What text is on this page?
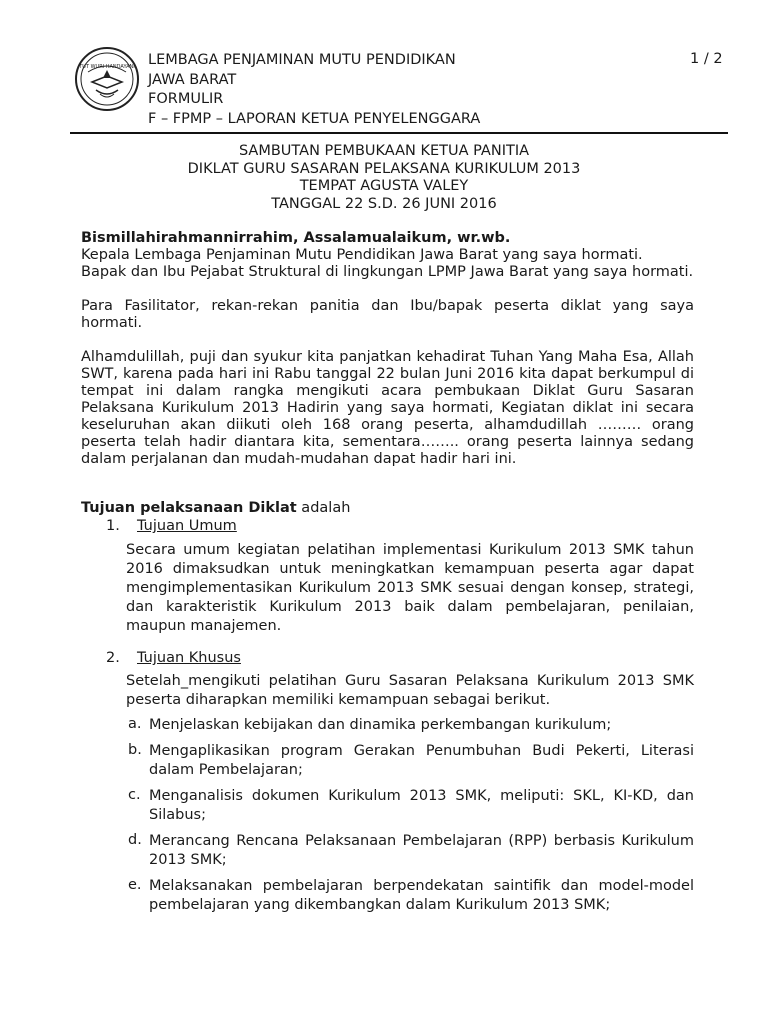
TUT WURI HANDAYANI LEMBAGA PENJAMINAN MUTU PENDIDIKAN
JAWA BARAT
FORMULIR
F – FPMP – LAPORAN KETUA PENYELENGGARA
1 / 2
SAMBUTAN PEMBUKAAN KETUA PANITIA
DIKLAT GURU SASARAN PELAKSANA KURIKULUM 2013
TEMPAT AGUSTA VALEY
TANGGAL 22 S.D. 26 JUNI 2016
Bismillahirahmannirrahim, Assalamualaikum, wr.wb.
Kepala Lembaga Penjaminan Mutu Pendidikan Jawa Barat yang saya hormati.
Bapak dan Ibu Pejabat Struktural di lingkungan LPMP Jawa Barat yang saya hormati.
Para Fasilitator, rekan-rekan panitia dan Ibu/bapak peserta diklat yang saya hormati.
Alhamdulillah, puji dan syukur kita panjatkan kehadirat Tuhan Yang Maha Esa, Allah SWT, karena pada hari ini Rabu tanggal 22 bulan Juni 2016 kita dapat berkumpul di tempat ini dalam rangka mengikuti acara pembukaan Diklat Guru Sasaran Pelaksana Kurikulum 2013 Hadirin yang saya hormati, Kegiatan diklat ini secara keseluruhan akan diikuti oleh 168 orang peserta, alhamdudillah ……… orang peserta telah hadir diantara kita, sementara…….. orang peserta lainnya sedang dalam perjalanan dan mudah-mudahan dapat hadir hari ini.
Tujuan pelaksanaan Diklat adalah
1. Tujuan Umum
Secara umum kegiatan pelatihan implementasi Kurikulum 2013 SMK tahun 2016 dimaksudkan untuk meningkatkan kemampuan peserta agar dapat mengimplementasikan Kurikulum 2013 SMK sesuai dengan konsep, strategi, dan karakteristik Kurikulum 2013 baik dalam pembelajaran, penilaian, maupun manajemen.
2. Tujuan Khusus
Setelah_mengikuti pelatihan Guru Sasaran Pelaksana Kurikulum 2013 SMK peserta diharapkan memiliki kemampuan sebagai berikut.
a. Menjelaskan kebijakan dan dinamika perkembangan kurikulum;
b. Mengaplikasikan program Gerakan Penumbuhan Budi Pekerti, Literasi dalam Pembelajaran;
c. Menganalisis dokumen Kurikulum 2013 SMK, meliputi: SKL, KI-KD, dan Silabus;
d. Merancang Rencana Pelaksanaan Pembelajaran (RPP) berbasis Kurikulum 2013 SMK;
e. Melaksanakan pembelajaran berpendekatan saintifik dan model-model pembelajaran yang dikembangkan dalam Kurikulum 2013 SMK;
